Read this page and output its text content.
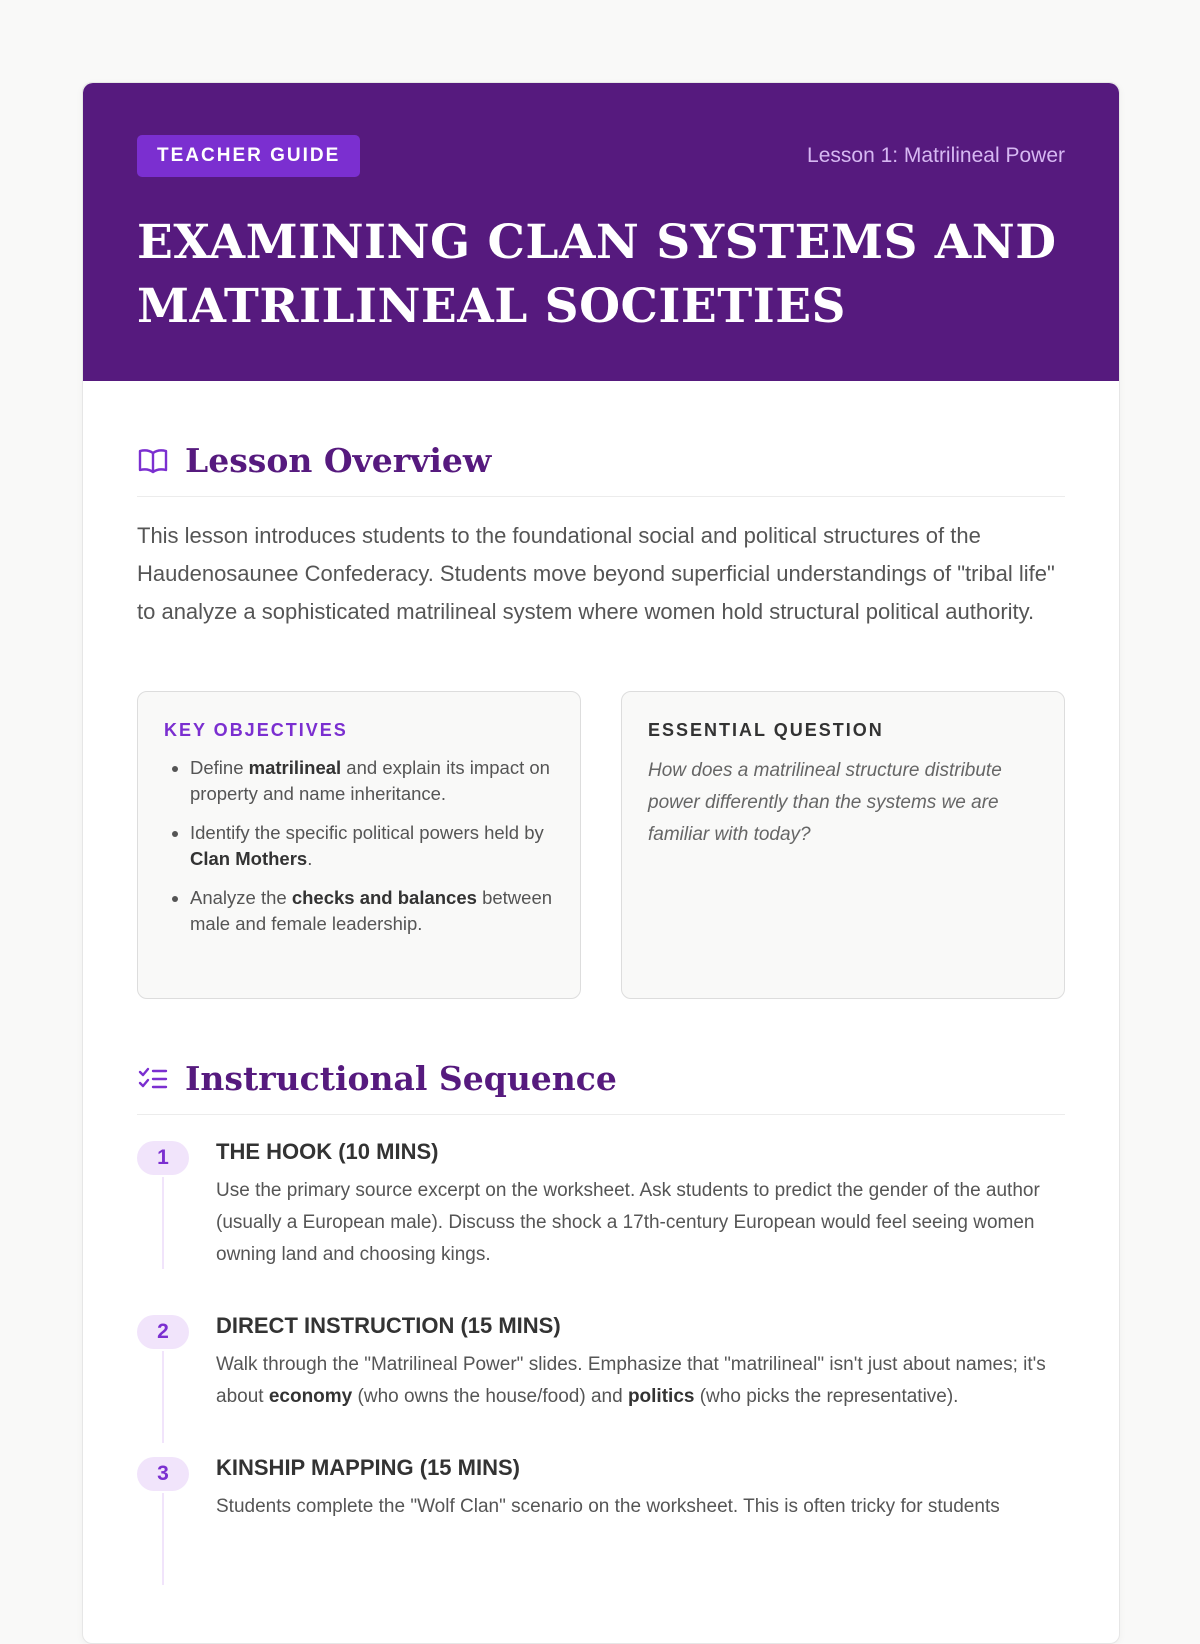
TEACHER GUIDE	Lesson 1: Matrilineal Power
EXAMINING CLAN SYSTEMS AND
MATRILINEAL SOCIETIES
Lesson Overview

This lesson introduces students to the foundational social and political structures of the Haudenosaunee Confederacy. Students move beyond superficial understandings of "tribal life" to analyze a sophisticated matrilineal system where women hold structural political authority.

KEY OBJECTIVES
• Define matrilineal and explain its impact on property and name inheritance.
• Identify the specific political powers held by Clan Mothers.
• Analyze the checks and balances between male and female leadership.
ESSENTIAL QUESTION
How does a matrilineal structure distribute power differently than the systems we are familiar with today?
Instructional Sequence
1	THE HOOK (10 MINS)

Use the primary source excerpt on the worksheet. Ask students to predict the gender of the author (usually a European male). Discuss the shock a 17th-century European would feel seeing women owning land and choosing kings.

2	DIRECT INSTRUCTION (15 MINS)

Walk through the "Matrilineal Power" slides. Emphasize that "matrilineal" isn't just about names; it's about economy (who owns the house/food) and politics (who picks the representative).

3	KINSHIP MAPPING (15 MINS)

Students complete the "Wolf Clan" scenario on the worksheet. This is often tricky for students
